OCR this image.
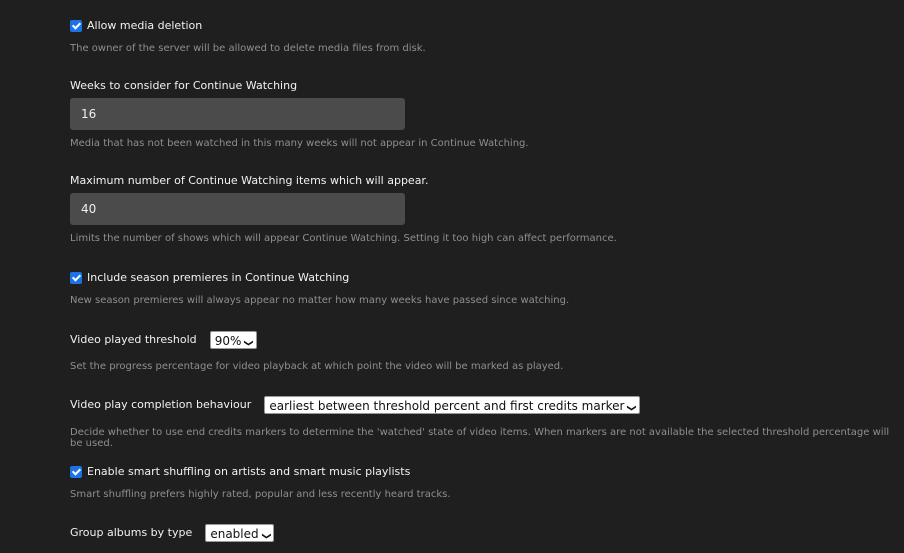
Allow media deletion
The owner of the server will be allowed to delete media files from disk.
Weeks to consider for Continue Watching
16
Media that has not been watched in this many weeks will not appear in Continue Watching.
Maximum number of Continue Watching items which will appear.
40
Limits the number of shows which will appear Continue Watching. Setting it too high can affect performance.
Include season premieres in Continue Watching
New season premieres will always appear no matter how many weeks have passed since watching.
Video played threshold 90% ❯
Set the progress percentage for video playback at which point the video will be marked as played.
Video play completion behaviour earliest between threshold percent and first credits marker ❯
Decide whether to use end credits markers to determine the 'watched' state of video items. When markers are not available the selected threshold percentage will be used.
Enable smart shuffling on artists and smart music playlists
Smart shuffling prefers highly rated, popular and less recently heard tracks.
Group albums by type enabled ❯
